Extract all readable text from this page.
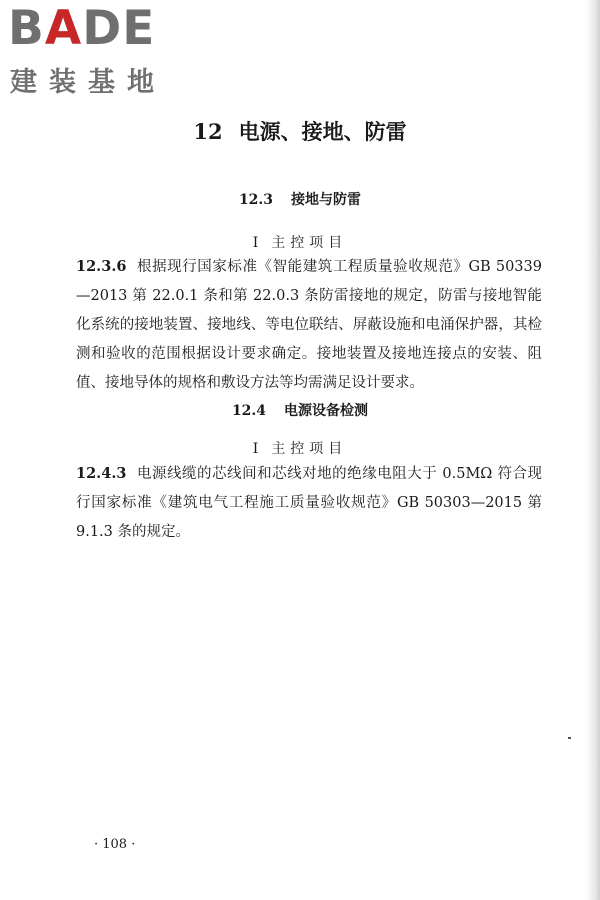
BADE
建装基地
12 电源、接地、防雷
12.3 接地与防雷
Ⅰ 主控项目

12.3.6 根据现行国家标准《智能建筑工程质量验收规范》GB 50339—2013 第 22.0.1 条和第 22.0.3 条防雷接地的规定，防雷与接地智能化系统的接地装置、接地线、等电位联结、屏蔽设施和电涌保护器，其检测和验收的范围根据设计要求确定。接地装置及接地连接点的安装、阻值、接地导体的规格和敷设方法等均需满足设计要求。

12.4 电源设备检测
Ⅰ 主控项目

12.4.3 电源线缆的芯线间和芯线对地的绝缘电阻大于 0.5MΩ 符合现行国家标准《建筑电气工程施工质量验收规范》GB 50303—2015 第 9.1.3 条的规定。

· 108 ·
